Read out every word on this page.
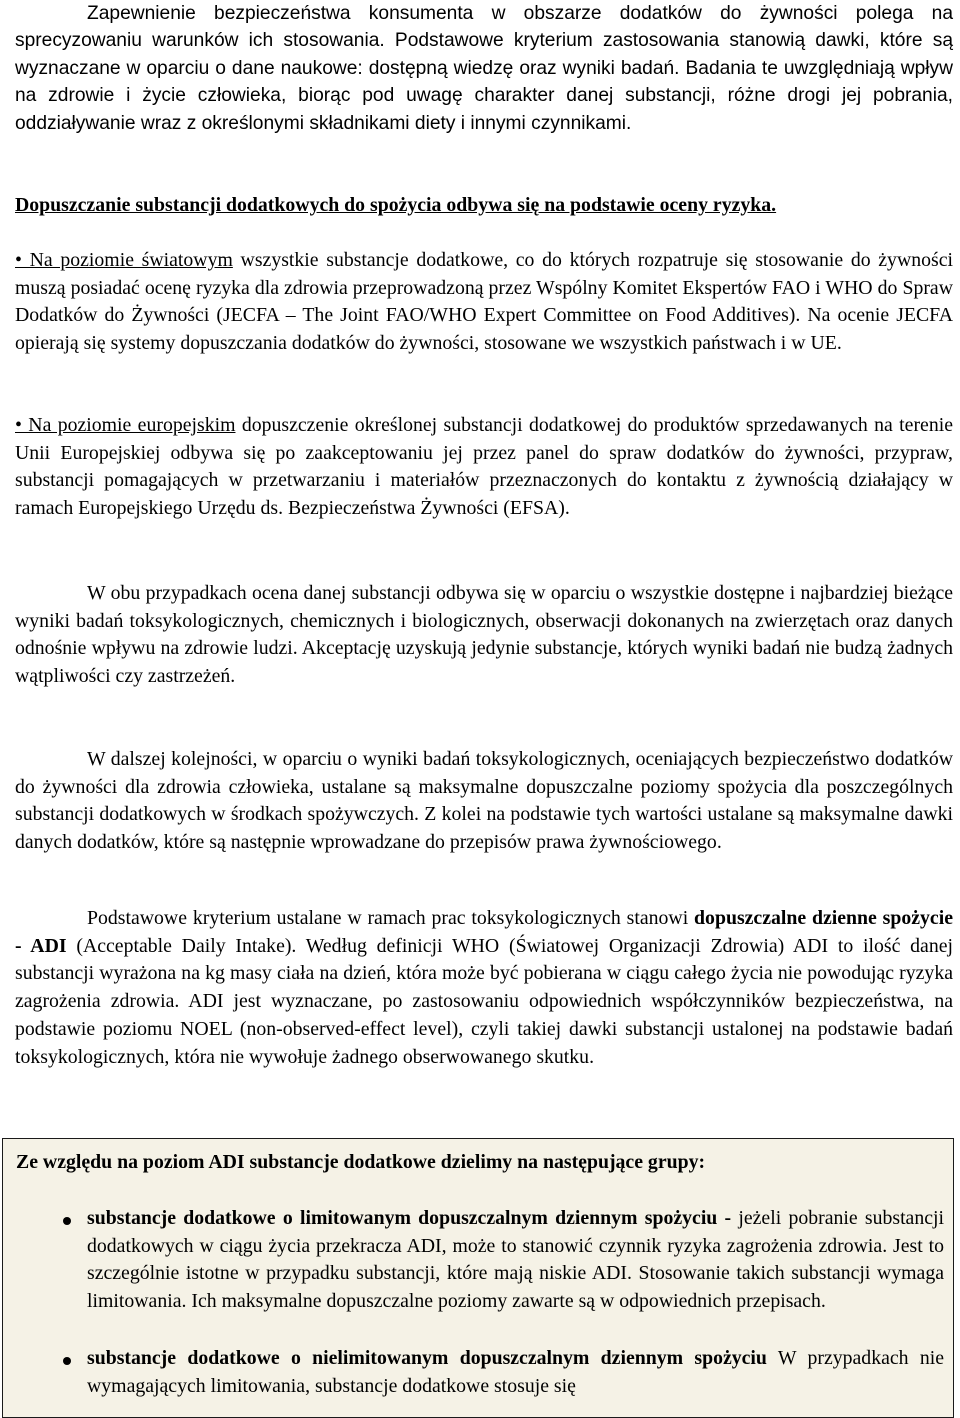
Zapewnienie bezpieczeństwa konsumenta w obszarze dodatków do żywności polega na sprecyzowaniu warunków ich stosowania. Podstawowe kryterium zastosowania stanowią dawki, które są wyznaczane w oparciu o dane naukowe: dostępną wiedzę oraz wyniki badań. Badania te uwzględniają wpływ na zdrowie i życie człowieka, biorąc pod uwagę charakter danej substancji, różne drogi jej pobrania, oddziaływanie wraz z określonymi składnikami diety i innymi czynnikami.

Dopuszczanie substancji dodatkowych do spożycia odbywa się na podstawie oceny ryzyka.

• Na poziomie światowym wszystkie substancje dodatkowe, co do których rozpatruje się stosowanie do żywności muszą posiadać ocenę ryzyka dla zdrowia przeprowadzoną przez Wspólny Komitet Ekspertów FAO i WHO do Spraw Dodatków do Żywności (JECFA – The Joint FAO/WHO Expert Committee on Food Additives). Na ocenie JECFA opierają się systemy dopuszczania dodatków do żywności, stosowane we wszystkich państwach i w UE.

• Na poziomie europejskim dopuszczenie określonej substancji dodatkowej do produktów sprzedawanych na terenie Unii Europejskiej odbywa się po zaakceptowaniu jej przez panel do spraw dodatków do żywności, przypraw, substancji pomagających w przetwarzaniu i materiałów przeznaczonych do kontaktu z żywnością działający w ramach Europejskiego Urzędu ds. Bezpieczeństwa Żywności (EFSA).

W obu przypadkach ocena danej substancji odbywa się w oparciu o wszystkie dostępne i najbardziej bieżące wyniki badań toksykologicznych, chemicznych i biologicznych, obserwacji dokonanych na zwierzętach oraz danych odnośnie wpływu na zdrowie ludzi. Akceptację uzyskują jedynie substancje, których wyniki badań nie budzą żadnych wątpliwości czy zastrzeżeń.

W dalszej kolejności, w oparciu o wyniki badań toksykologicznych, oceniających bezpieczeństwo dodatków do żywności dla zdrowia człowieka, ustalane są maksymalne dopuszczalne poziomy spożycia dla poszczególnych substancji dodatkowych w środkach spożywczych. Z kolei na podstawie tych wartości ustalane są maksymalne dawki danych dodatków, które są następnie wprowadzane do przepisów prawa żywnościowego.

Podstawowe kryterium ustalane w ramach prac toksykologicznych stanowi dopuszczalne dzienne spożycie - ADI (Acceptable Daily Intake). Według definicji WHO (Światowej Organizacji Zdrowia) ADI to ilość danej substancji wyrażona na kg masy ciała na dzień, która może być pobierana w ciągu całego życia nie powodując ryzyka zagrożenia zdrowia. ADI jest wyznaczane, po zastosowaniu odpowiednich współczynników bezpieczeństwa, na podstawie poziomu NOEL (non-observed-effect level), czyli takiej dawki substancji ustalonej na podstawie badań toksykologicznych, która nie wywołuje żadnego obserwowanego skutku.

Ze względu na poziom ADI substancje dodatkowe dzielimy na następujące grupy:
substancje dodatkowe o limitowanym dopuszczalnym dziennym spożyciu - jeżeli pobranie substancji dodatkowych w ciągu życia przekracza ADI, może to stanowić czynnik ryzyka zagrożenia zdrowia. Jest to szczególnie istotne w przypadku substancji, które mają niskie ADI. Stosowanie takich substancji wymaga limitowania. Ich maksymalne dopuszczalne poziomy zawarte są w odpowiednich przepisach.
substancje dodatkowe o nielimitowanym dopuszczalnym dziennym spożyciu W przypadkach nie wymagających limitowania, substancje dodatkowe stosuje się
